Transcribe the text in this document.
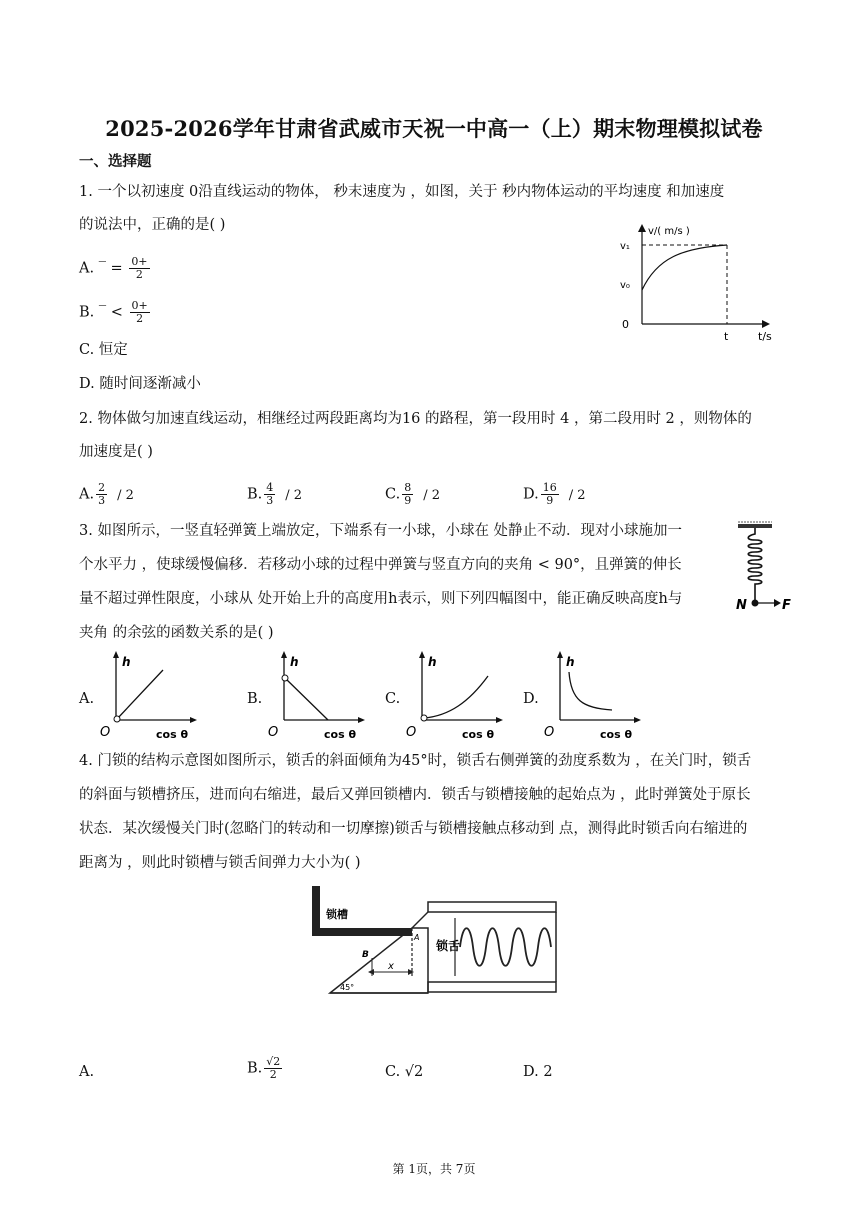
2025-2026学年甘肃省武威市天祝一中高一（上）期末物理模拟试卷
一、选择题
1. 一个以初速度 0沿直线运动的物体， 秒末速度为 ，如图，关于 秒内物体运动的平均速度 和加速度
的说法中，正确的是( )
A. ‾ = $\frac{0+}{2}$
B. ‾ < $\frac{0+}{2}$
C. 恒定
D. 随时间逐渐减小
v/( m/s )
v₁
v₀
0
t	t/s
2. 物体做匀加速直线运动，相继经过两段距离均为16 的路程，第一段用时 4 ，第二段用时 2 ，则物体的
加速度是( )
A. $\frac{2}{3} / 2$	B. $\frac{4}{3} / 2$	C. $\frac{8}{9} / 2$	D. $\frac{16}{9} / 2$
3. 如图所示，一竖直轻弹簧上端放定，下端系有一小球，小球在 处静止不动．现对小球施加一
个水平力 ，使球缓慢偏移．若移动小球的过程中弹簧与竖直方向的夹角 < 90°，且弹簧的伸长
量不超过弹性限度，小球从 处开始上升的高度用h表示，则下列四幅图中，能正确反映高度h与
夹角 的余弦的函数关系的是( )
N	F
A.
h
O	cos θ
B.
h
O	cos θ
C.
h
O	cos θ
D.
h
O	cos θ
4. 门锁的结构示意图如图所示，锁舌的斜面倾角为45°时，锁舌右侧弹簧的劲度系数为 ，在关门时，锁舌
的斜面与锁槽挤压，进而向右缩进，最后又弹回锁槽内．锁舌与锁槽接触的起始点为 ，此时弹簧处于原长
状态．某次缓慢关门时(忽略门的转动和一切摩擦)锁舌与锁槽接触点移动到 点，测得此时锁舌向右缩进的
距离为 ，则此时锁槽与锁舌间弹力大小为( )
锁槽
x
A
B
45°
锁舌
A.	B. $\frac{√2}{2}$	C. √2	D. 2
第 1页，共 7页
